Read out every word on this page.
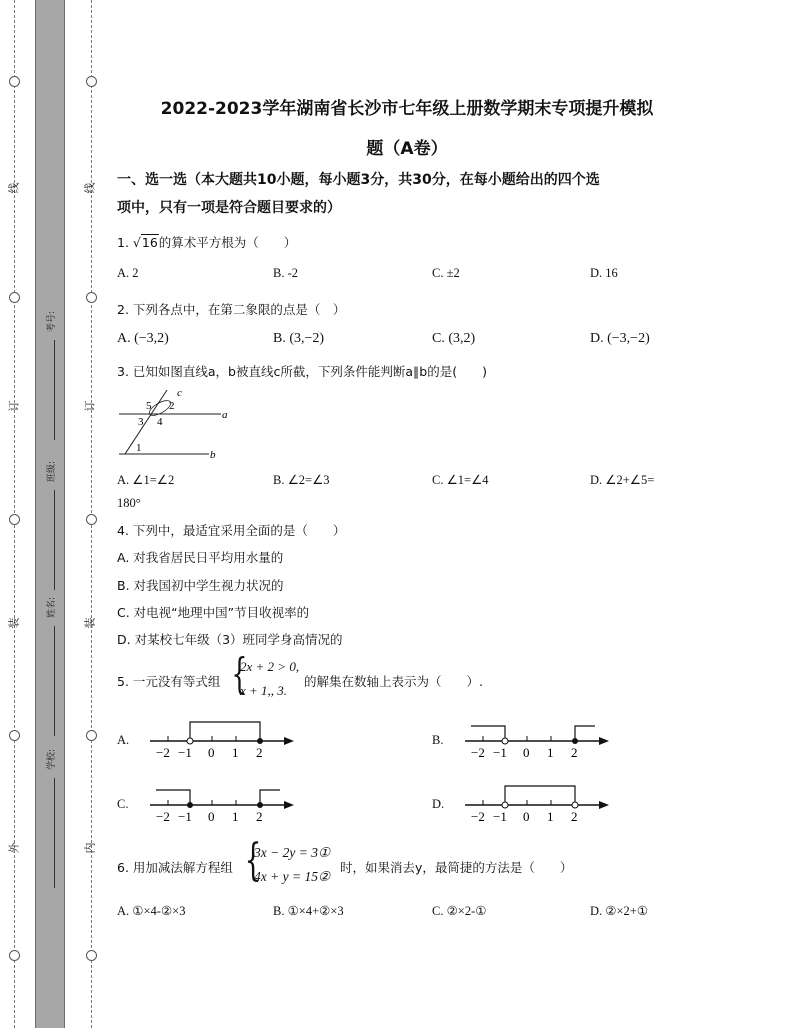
线
订
装
外
线
订
装
内
考号:
班级:
姓名:
学校:
2022-2023学年湖南省长沙市七年级上册数学期末专项提升模拟
题（A卷）
一、选一选（本大题共10小题，每小题3分，共30分，在每小题给出的四个选
项中，只有一项是符合题目要求的）
1. √16的算术平方根为（　　）
A. 2	B. -2	C. ±2	D. 16
2. 下列各点中，在第二象限的点是（　）
A. (−3,2)	B. (3,−2)	C. (3,2)	D. (−3,−2)
3. 已知如图直线a，b被直线c所截，下列条件能判断a∥b的是(　　)
c
5 2
3 4
a
1
b
A. ∠1=∠2	B. ∠2=∠3	C. ∠1=∠4	D. ∠2+∠5=
180°
4. 下列中，最适宜采用全面的是（　　）
A. 对我省居民日平均用水量的
B. 对我国初中学生视力状况的
C. 对电视“地理中国”节目收视率的
D. 对某校七年级（3）班同学身高情况的
5. 一元没有等式组 {
2x + 2 > 0,
x + 1,, 3.
的解集在数轴上表示为（　　）.
A.
−2 −1 0 1 2
B.
−2 −1 0 1 2
C.
−2 −1 0 1 2
D.
−2 −1 0 1 2
6. 用加减法解方程组 {
3x − 2y = 3①
4x + y = 15②
时，如果消去y，最简捷的方法是（　　）
A. ①×4-②×3	B. ①×4+②×3	C. ②×2-①	D. ②×2+①
